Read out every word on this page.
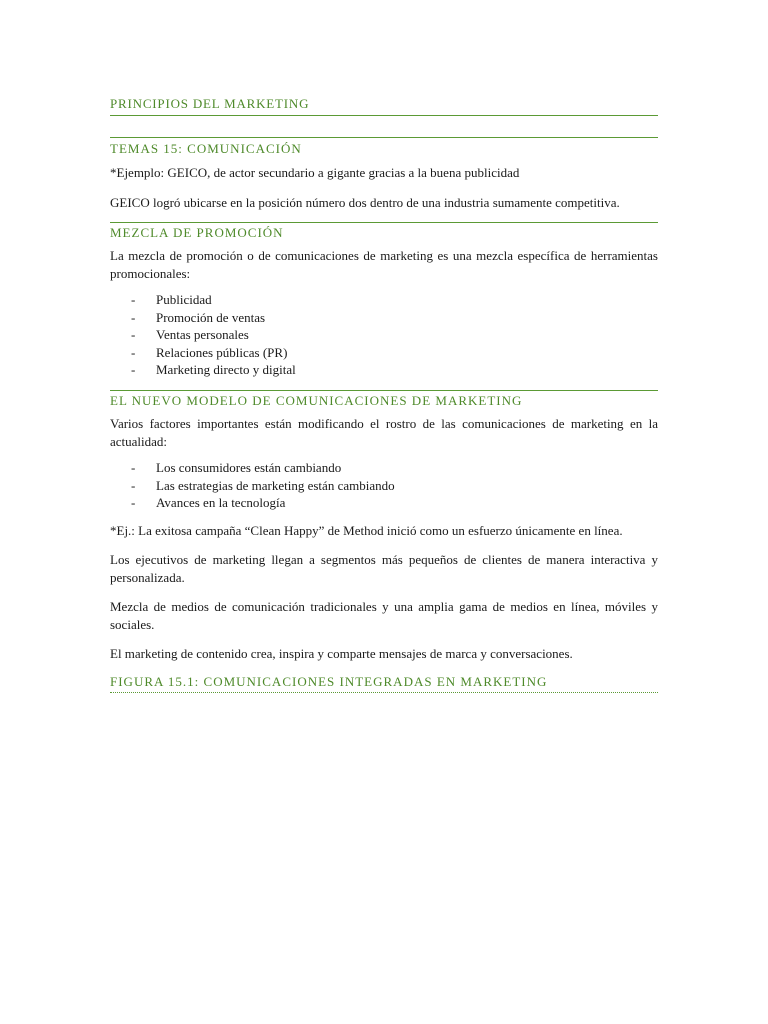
PRINCIPIOS DEL MARKETING
TEMAS 15: COMUNICACIÓN

*Ejemplo: GEICO, de actor secundario a gigante gracias a la buena publicidad

GEICO logró ubicarse en la posición número dos dentro de una industria sumamente competitiva.

MEZCLA DE PROMOCIÓN

La mezcla de promoción o de comunicaciones de marketing es una mezcla específica de herramientas promocionales:

- Publicidad
- Promoción de ventas
- Ventas personales
- Relaciones públicas (PR)
- Marketing directo y digital
EL NUEVO MODELO DE COMUNICACIONES DE MARKETING

Varios factores importantes están modificando el rostro de las comunicaciones de marketing en la actualidad:

- Los consumidores están cambiando
- Las estrategias de marketing están cambiando
- Avances en la tecnología

*Ej.: La exitosa campaña “Clean Happy” de Method inició como un esfuerzo únicamente en línea.

Los ejecutivos de marketing llegan a segmentos más pequeños de clientes de manera interactiva y personalizada.

Mezcla de medios de comunicación tradicionales y una amplia gama de medios en línea, móviles y sociales.

El marketing de contenido crea, inspira y comparte mensajes de marca y conversaciones.

FIGURA 15.1: COMUNICACIONES INTEGRADAS EN MARKETING
